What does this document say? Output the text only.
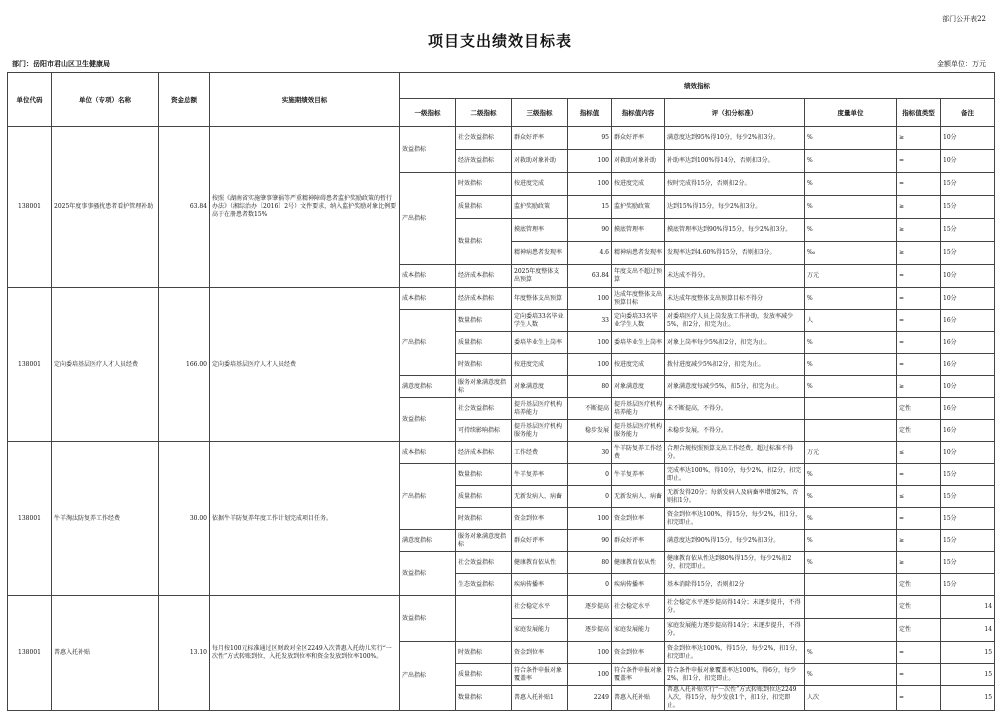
部门公开表22
项目支出绩效目标表
部门：岳阳市君山区卫生健康局	金额单位：万元
单位代码	单位（专项）名称	资金总额	实施期绩效目标	绩效指标								
				一级指标	二级指标	三级指标	指标值	指标值内容	评（扣分标准）	度量单位	指标值类型	备注
138001	2025年度事事骚扰患者看护管理补助	63.84	按照《湖南省实施肇事肇祸等严重精神障碍患者监护奖励政策的暂行办法》（湘综治办〔2016〕2号）文件要求，纳入监护奖励对象比例要高于在册患者数15%	效益指标	社会效益指标	群众好评率	95	群众好评率	满意度达到95%得10分，每少2%扣3分。	%	≥	10分
					经济效益指标	对救助对象补助	100	对救助对象补助	补助率达到100%得14分，否则扣3分。	%	=	10分
				产出指标	时效指标	按进度完成	100	按进度完成	按时完成得15分，否则扣2分。	%	=	15分
					质量指标	监护奖励政策	15	监护奖励政策	达到15%得15分，每少2%扣3分。	%	≥	15分
					数量指标	摸底管理率	90	摸底管理率	摸底管理率达到90%得15分，每少2%扣3分。	%	≥	15分
						精神病患者发现率	4.6	精神病患者发现率	发现率达到4.60%得15分，否则扣3分。	‰	≥	15分
				成本指标	经济成本指标	2025年度整体支出预算	63.84	年度支出不超过预算	未达成不得分。	万元	=	10分
138001	定向委培基层医疗人才人员经费	166.00	定向委培基层医疗人才人员经费	成本指标	经济成本指标	年度整体支出预算	100	达成年度整体支出预算目标	未达成年度整体支出预算目标不得分	%	=	10分
				产出指标	数量指标	定向委培33名毕业学生人数	33	定向委培33名毕业学生人数	对委培医疗人员上岗发放工作补助，发放率减少5%，扣2分，扣完为止。	人	=	16分
					质量指标	委培毕业生上岗率	100	委培毕业生上岗率	对象上岗率每少5%扣2分，扣完为止。	%	=	16分
					时效指标	按进度完成	100	按进度完成	拨付进度减少5%扣2分，扣完为止。	%	=	16分
				满意度指标	服务对象满意度指标	对象满意度	80	对象满意度	对象满意度每减少5%，扣5分，扣完为止。	%	≥	10分
				效益指标	社会效益指标	提升基层医疗机构培养能力	不断提高	提升基层医疗机构培养能力	未不断提高，不得分。		定性	16分
					可持续影响指标	提升基层医疗机构服务能力	稳步发展	提升基层医疗机构服务能力	未稳步发展，不得分。		定性	16分
138001	牛羊淘汰防复养工作经费	30.00	依据牛羊防复养年度工作计划完成项目任务。	成本指标	经济成本指标	工作经费	30	牛羊防复养工作经费	合理合规按照预算支出工作经费，超过标准不得分。	万元	≤	10分
				产出指标	数量指标	牛羊复养率	0	牛羊复养率	完成率达100%，得10分，每少2%，扣2分，扣完即止。	%	=	15分
					质量指标	无新发病人、病畜	0	无新发病人、病畜	无新发得20分；每新发病人及病畜率增加2%，否则扣1分。	%	≤	15分
					时效指标	资金到位率	100	资金到位率	资金到位率达100%，得15分，每少2%，扣1分，扣完即止。	%	=	15分
				满意度指标	服务对象满意度指标	群众好评率	90	群众好评率	满意度达到90%得15分，每少2%扣3分。	%	≥	15分
				效益指标	社会效益指标	健康教育依从性	80	健康教育依从性	健康教育依从性达到80%得15分，每少2%扣2分，扣完即止。	%	≥	15分
					生态效益指标	疾病传播率	0	疾病传播率	基本消除得15分，否则扣2分		定性	15分
138001	普惠入托补贴	13.10	每月按100元标准通过区财政对全区2249入次普惠入托幼儿实行“一次性”方式转账到位，入托发放到位率和资金发放到位率100%。	效益指标		社会稳定水平	逐步提高	社会稳定水平	社会稳定水平逐步提高得14分；未逐步提升，不得分。		定性	14
						家庭发展能力	逐步提高	家庭发展能力	家庭发展能力逐步提高得14分；未逐步提升，不得分。		定性	14
				产出指标	时效指标	资金到位率	100	资金到位率	资金到位率达100%，得15分，每少2%，扣1分，扣完即止。	%	=	15
					质量指标	符合条件申报对象覆盖率	100	符合条件申报对象覆盖率	符合条件申报对象覆盖率达100%，得6分，每少2%，扣1分，扣完即止。	%	=	15
					数量指标	普惠入托补贴1	2249	普惠入托补贴	普惠入托补贴实行“一次性”方式转账到位达2249入次，得15分，每少发放1个，扣1分，扣完即止。	人次	=	15
